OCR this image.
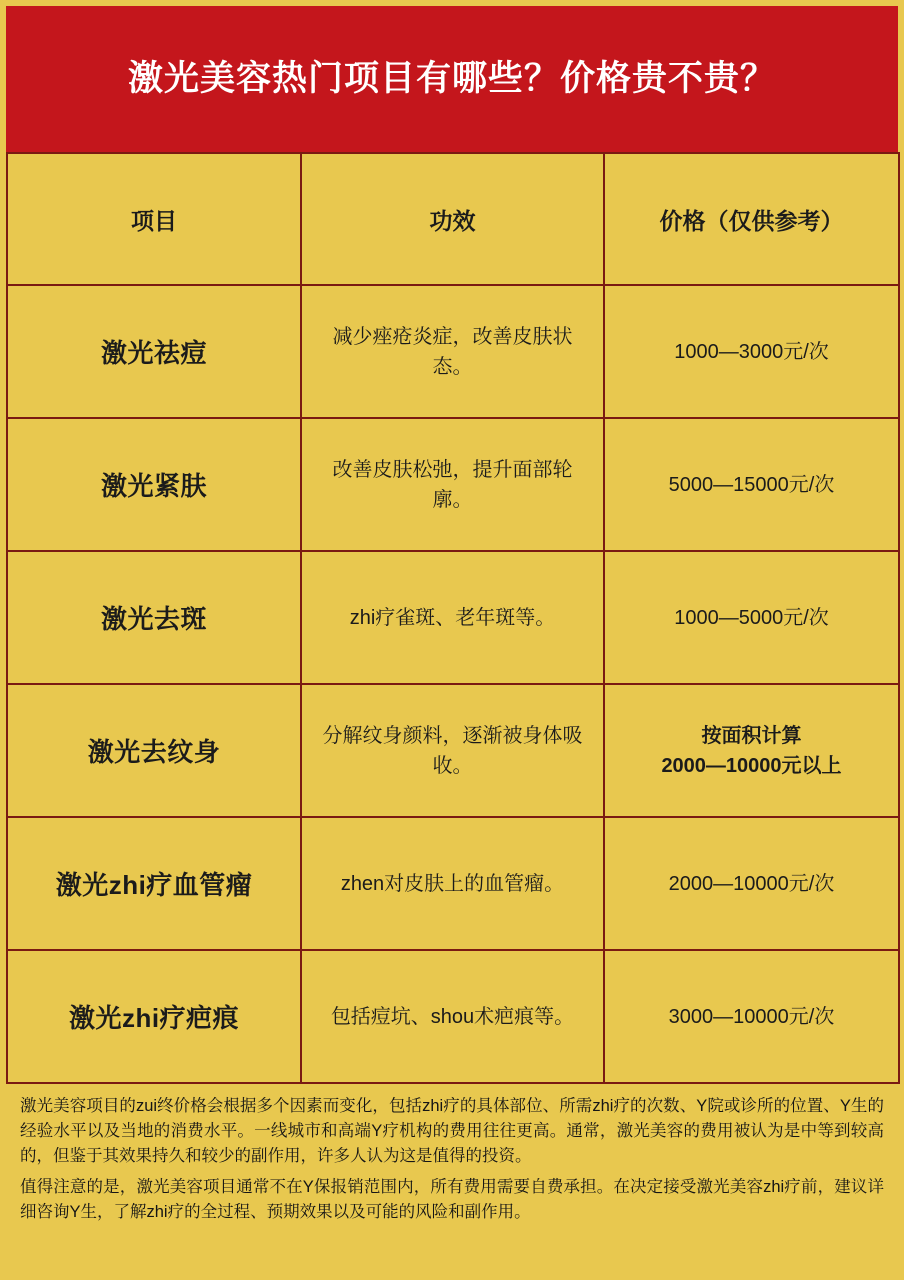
激光美容热门项目有哪些？价格贵不贵？
项目	功效	价格（仅供参考）
激光祛痘	减少痤疮炎症，改善皮肤状态。	1000—3000元/次

激光紧肤	改善皮肤松弛，提升面部轮廓。	5000—15000元/次

激光去斑	zhi疗雀斑、老年斑等。	1000—5000元/次

激光去纹身	分解纹身颜料，逐渐被身体吸收。	按面积计算
2000—10000元以上

激光zhi疗血管瘤	zhen对皮肤上的血管瘤。	2000—10000元/次

激光zhi疗疤痕	包括痘坑、shou术疤痕等。	3000—10000元/次

激光美容项目的zui终价格会根据多个因素而变化，包括zhi疗的具体部位、所需zhi疗的次数、Y院或诊所的位置、Y生的经验水平以及当地的消费水平。一线城市和高端Y疗机构的费用往往更高。通常，激光美容的费用被认为是中等到较高的，但鉴于其效果持久和较少的副作用，许多人认为这是值得的投资。

值得注意的是，激光美容项目通常不在Y保报销范围内，所有费用需要自费承担。在决定接受激光美容zhi疗前，建议详细咨询Y生，了解zhi疗的全过程、预期效果以及可能的风险和副作用。
